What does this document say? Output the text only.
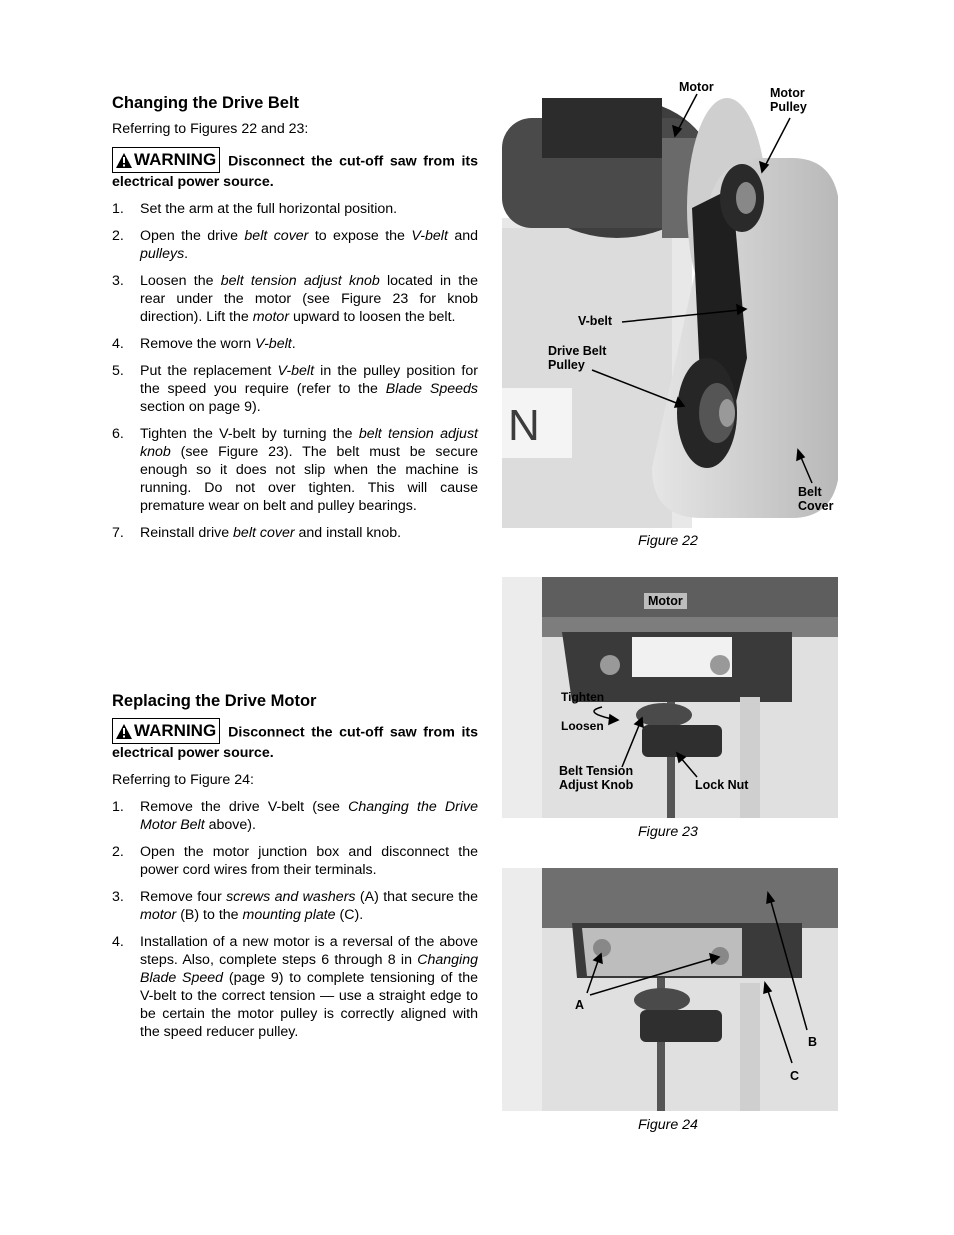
Changing the Drive Belt
Referring to Figures 22 and 23:
WARNING Disconnect the cut-off saw from its electrical power source.
1. Set the arm at the full horizontal position.
2. Open the drive belt cover to expose the V-belt and pulleys.
3. Loosen the belt tension adjust knob located in the rear under the motor (see Figure 23 for knob direction). Lift the motor upward to loosen the belt.
4. Remove the worn V-belt.
5. Put the replacement V-belt in the pulley position for the speed you require (refer to the Blade Speeds section on page 9).
6. Tighten the V-belt by turning the belt tension adjust knob (see Figure 23). The belt must be secure enough so it does not slip when the machine is running. Do not over tighten. This will cause premature wear on belt and pulley bearings.
7. Reinstall drive belt cover and install knob.
Replacing the Drive Motor
WARNING Disconnect the cut-off saw from its electrical power source.
Referring to Figure 24:
1. Remove the drive V-belt (see Changing the Drive Motor Belt above).
2. Open the motor junction box and disconnect the power cord wires from their terminals.
3. Remove four screws and washers (A) that secure the motor (B) to the mounting plate (C).
4. Installation of a new motor is a reversal of the above steps. Also, complete steps 6 through 8 in Changing Blade Speed (page 9) to complete tensioning of the V-belt to the correct tension — use a straight edge to be certain the motor pulley is correctly aligned with the speed reducer pulley.
N
Motor	Motor Pulley
V-belt
Drive Belt Pulley
Belt Cover
Figure 22
Motor
Tighten
Loosen
Belt Tension Adjust Knob	Lock Nut
Figure 23
A
B
C
Figure 24
